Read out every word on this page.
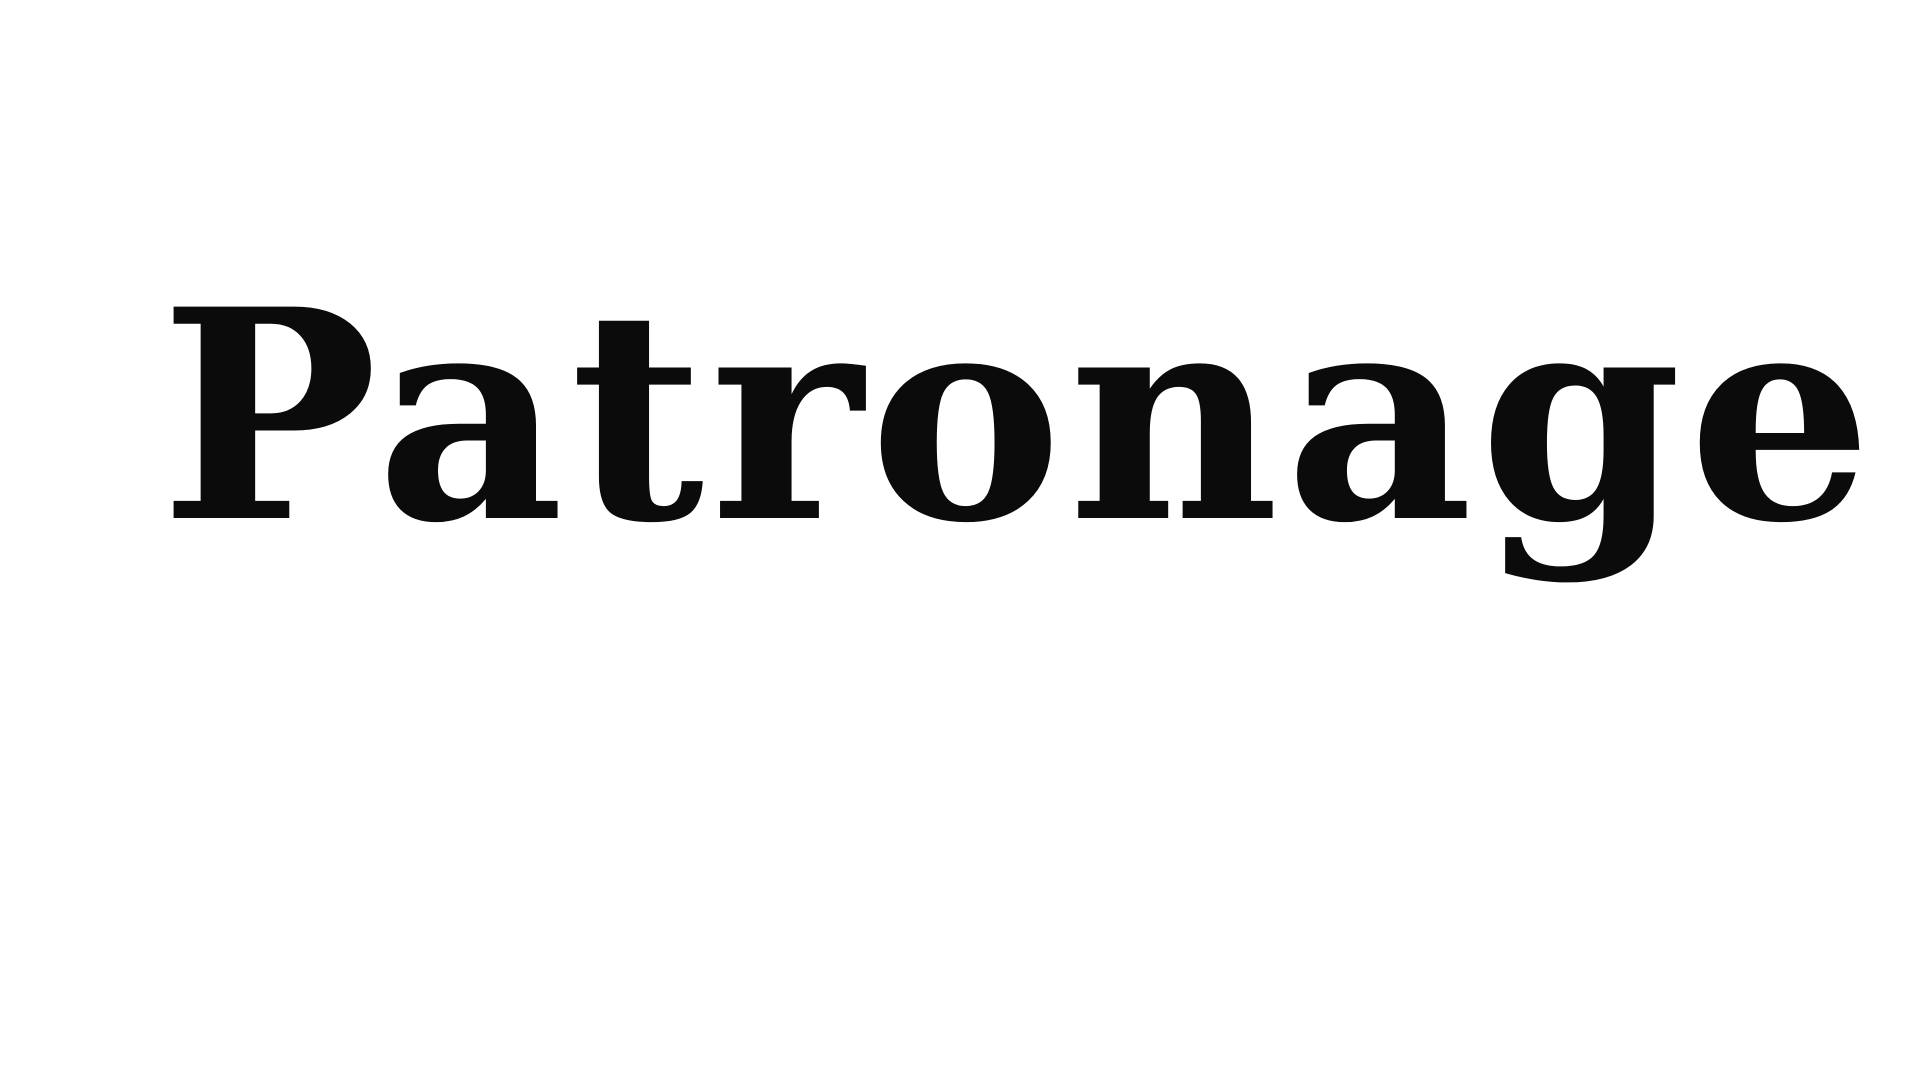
Patronage
